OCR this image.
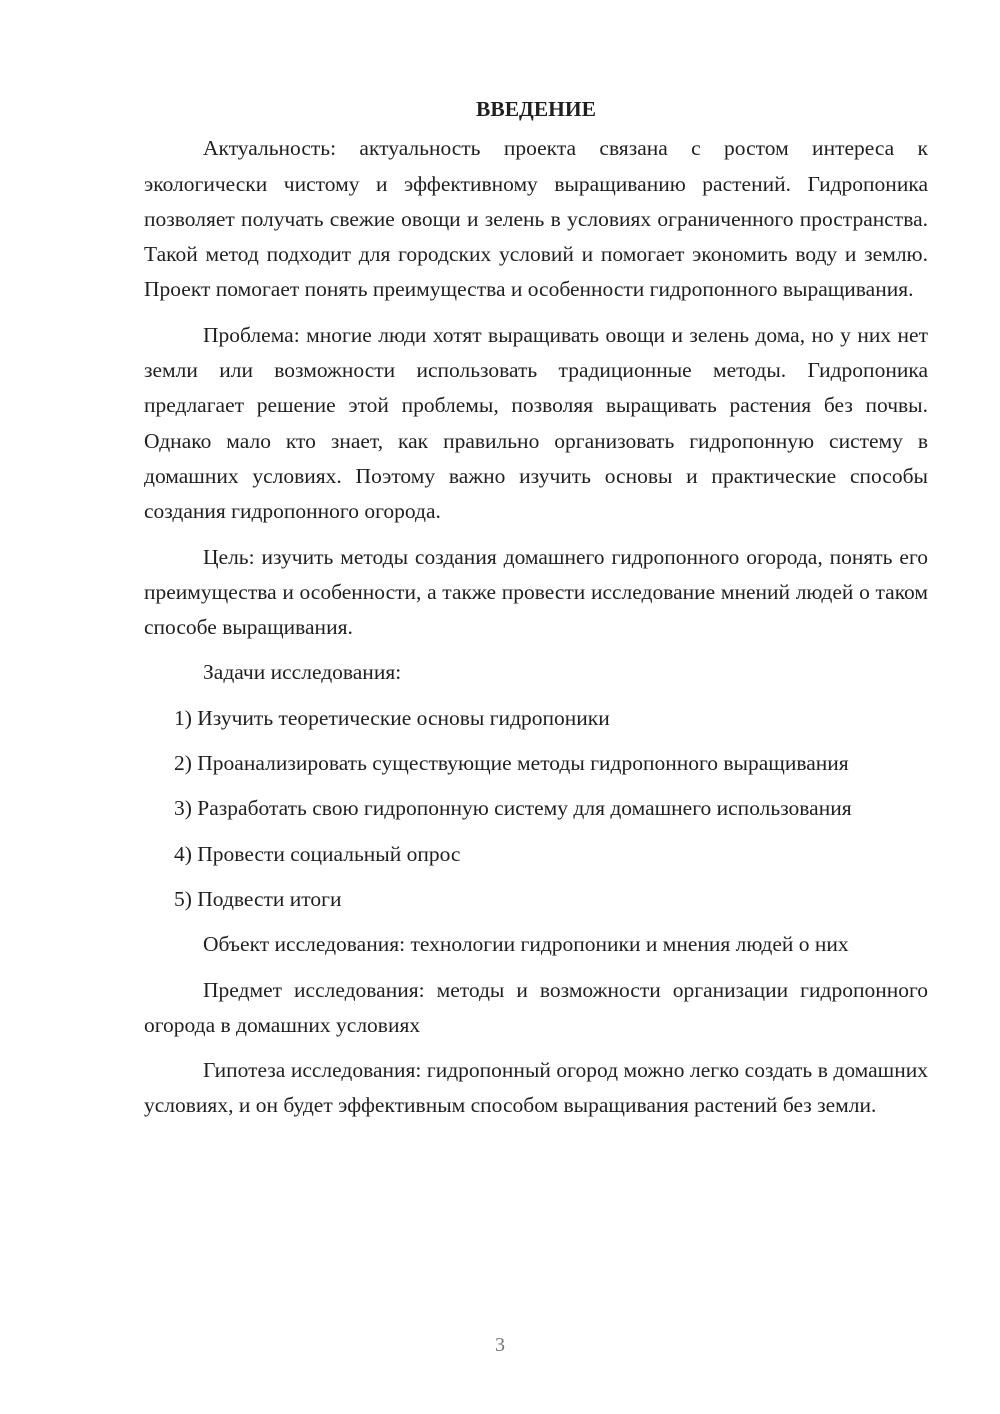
ВВЕДЕНИЕ

Актуальность: актуальность проекта связана с ростом интереса к экологически чистому и эффективному выращиванию растений. Гидропоника позволяет получать свежие овощи и зелень в условиях ограниченного пространства. Такой метод подходит для городских условий и помогает экономить воду и землю. Проект помогает понять преимущества и особенности гидропонного выращивания.

Проблема: многие люди хотят выращивать овощи и зелень дома, но у них нет земли или возможности использовать традиционные методы. Гидропоника предлагает решение этой проблемы, позволяя выращивать растения без почвы. Однако мало кто знает, как правильно организовать гидропонную систему в домашних условиях. Поэтому важно изучить основы и практические способы создания гидропонного огорода.

Цель: изучить методы создания домашнего гидропонного огорода, понять его преимущества и особенности, а также провести исследование мнений людей о таком способе выращивания.

Задачи исследования:

1) Изучить теоретические основы гидропоники

2) Проанализировать существующие методы гидропонного выращивания

3) Разработать свою гидропонную систему для домашнего использования

4) Провести социальный опрос

5) Подвести итоги

Объект исследования: технологии гидропоники и мнения людей о них

Предмет исследования: методы и возможности организации гидропонного огорода в домашних условиях

Гипотеза исследования: гидропонный огород можно легко создать в домашних условиях, и он будет эффективным способом выращивания растений без земли.

3
